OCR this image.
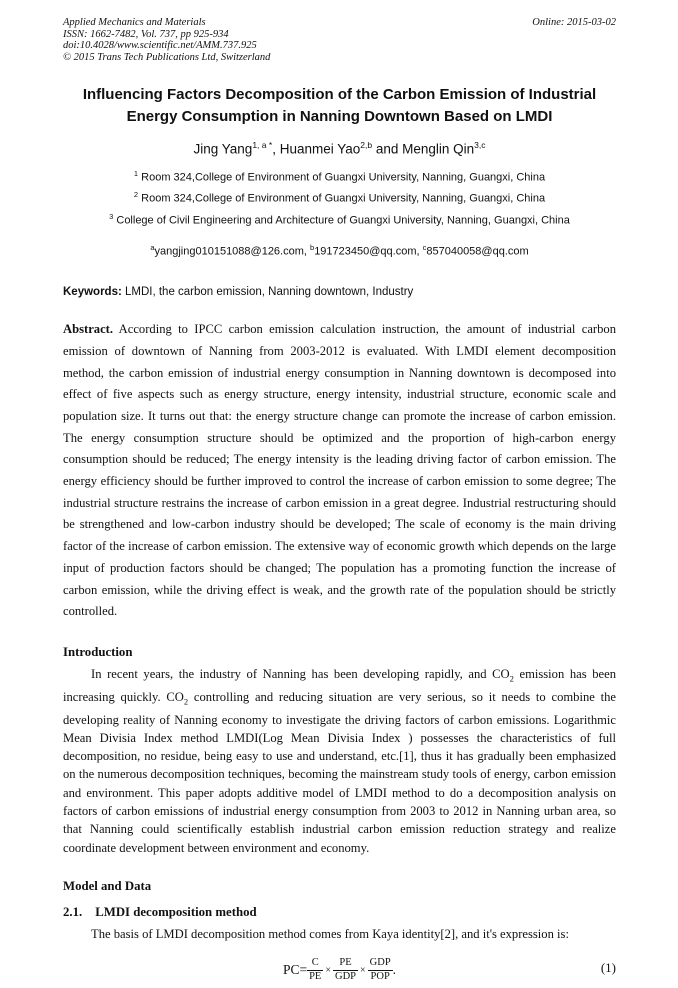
Applied Mechanics and Materials
ISSN: 1662-7482, Vol. 737, pp 925-934
doi:10.4028/www.scientific.net/AMM.737.925
© 2015 Trans Tech Publications Ltd, Switzerland
Online: 2015-03-02
Influencing Factors Decomposition of the Carbon Emission of Industrial Energy Consumption in Nanning Downtown Based on LMDI
Jing Yang$^{1, a *}$, Huanmei Yao$^{2,b}$ and Menglin Qin$^{3,c}$
$^1$ Room 324,College of Environment of Guangxi University, Nanning, Guangxi, China
$^2$ Room 324,College of Environment of Guangxi University, Nanning, Guangxi, China
$^3$ College of Civil Engineering and Architecture of Guangxi University, Nanning, Guangxi, China
$^a$yangjing010151088@126.com, $^b$191723450@qq.com, $^c$857040058@qq.com
Keywords: LMDI, the carbon emission, Nanning downtown, Industry

Abstract. According to IPCC carbon emission calculation instruction, the amount of industrial carbon emission of downtown of Nanning from 2003-2012 is evaluated. With LMDI element decomposition method, the carbon emission of industrial energy consumption in Nanning downtown is decomposed into effect of five aspects such as energy structure, energy intensity, industrial structure, economic scale and population size. It turns out that: the energy structure change can promote the increase of carbon emission. The energy consumption structure should be optimized and the proportion of high-carbon energy consumption should be reduced; The energy intensity is the leading driving factor of carbon emission. The energy efficiency should be further improved to control the increase of carbon emission to some degree; The industrial structure restrains the increase of carbon emission in a great degree. Industrial restructuring should be strengthened and low-carbon industry should be developed; The scale of economy is the main driving factor of the increase of carbon emission. The extensive way of economic growth which depends on the large input of production factors should be changed; The population has a promoting function the increase of carbon emission, while the driving effect is weak, and the growth rate of the population should be strictly controlled.

Introduction

In recent years, the industry of Nanning has been developing rapidly, and $CO_2$ emission has been increasing quickly. $CO_2$ controlling and reducing situation are very serious, so it needs to combine the developing reality of Nanning economy to investigate the driving factors of carbon emissions. Logarithmic Mean Divisia Index method LMDI(Log Mean Divisia Index ) possesses the characteristics of full decomposition, no residue, being easy to use and understand, etc.[1], thus it has gradually been emphasized on the numerous decomposition techniques, becoming the mainstream study tools of energy, carbon emission and environment. This paper adopts additive model of LMDI method to do a decomposition analysis on factors of carbon emissions of industrial energy consumption from 2003 to 2012 in Nanning urban area, so that Nanning could scientifically establish industrial carbon emission reduction strategy and realize coordinate development between environment and economy.

Model and Data
2.1. LMDI decomposition method

The basis of LMDI decomposition method comes from Kaya identity[2], and it's expression is:

$PC= \frac{C}{PE} \times \frac{PE}{\text{GDP}} \times \frac{\text{GDP}}{\text{POP}}$ .	(1)
